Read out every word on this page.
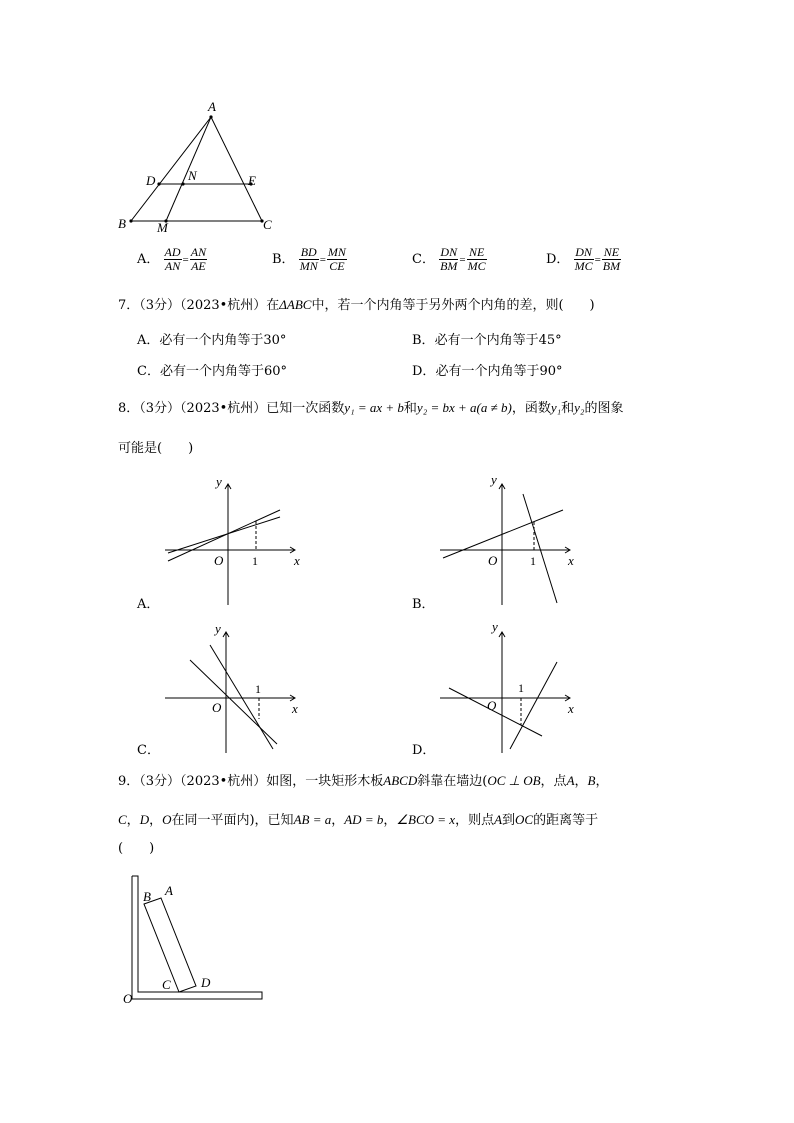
A
D	N	E
B M	C
A． $\frac{AD}{AN} = \frac{AN}{AE}$	B． $\frac{BD}{MN} = \frac{MN}{CE}$	C． $\frac{DN}{BM} = \frac{NE}{MC}$	D． $\frac{DN}{MC} = \frac{NE}{BM}$
7．（3分）（2023•杭州）在ΔABC中，若一个内角等于另外两个内角的差，则(　　)
A．必有一个内角等于30°	B．必有一个内角等于45°
C．必有一个内角等于60°	D．必有一个内角等于90°
8．（3分）（2023•杭州）已知一次函数y₁ = ax + b和y₂ = bx + a(a ≠ b)，函数y₁和y₂的图象
可能是(　　)
y
x
O 1
A．
y
x
O	1
B．
y
x
O
1
C．
y
x
O
1
D．
9．（3分）（2023•杭州）如图，一块矩形木板ABCD斜靠在墙边(OC ⊥ OB，点A，B，
C，D，O在同一平面内)，已知AB = a，AD = b，∠BCO = x，则点A到OC的距离等于
(　　)
B A
C D
O
